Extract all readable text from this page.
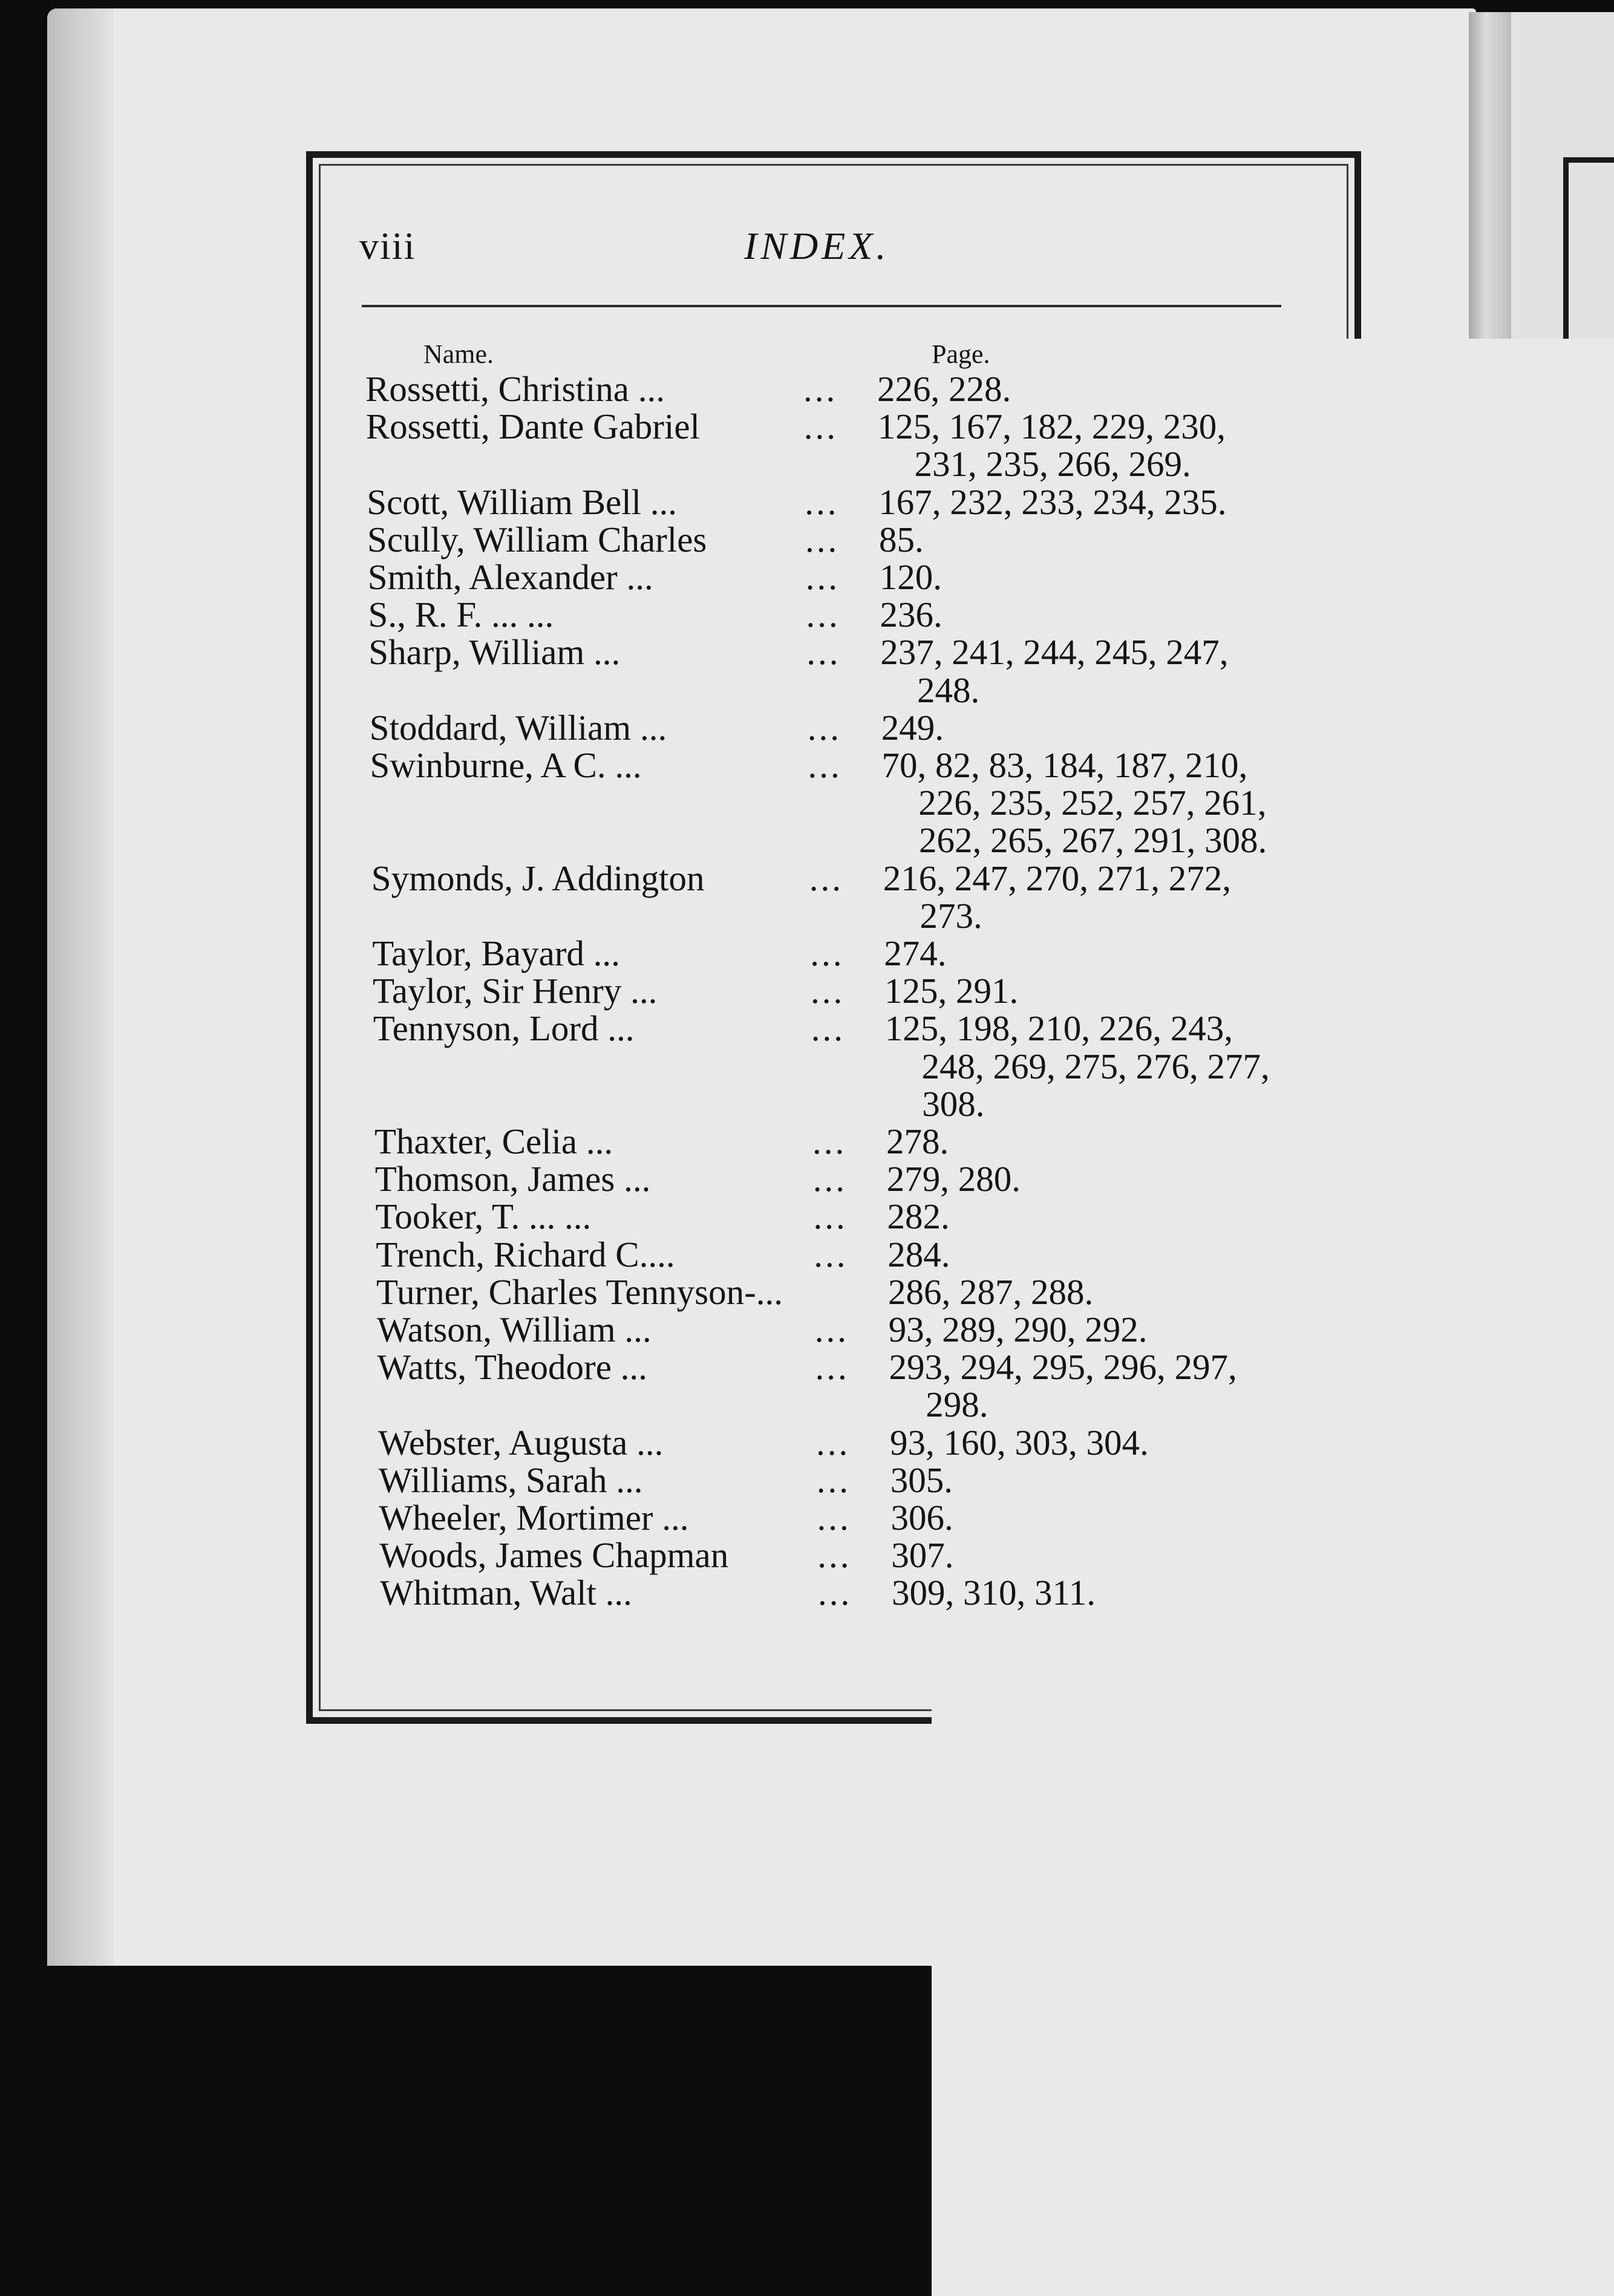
viii	INDEX.
Name.	Page.
Rossetti, Christina ...	... 226, 228.
Rossetti, Dante Gabriel	... 125, 167, 182, 229, 230,
231, 235, 266, 269.
Scott, William Bell ...	... 167, 232, 233, 234, 235.
Scully, William Charles	... 85.
Smith, Alexander ...	... 120.
S., R. F. ... ...	... 236.
Sharp, William ...	... 237, 241, 244, 245, 247,
248.
Stoddard, William ...	... 249.
Swinburne, A C. ...	... 70, 82, 83, 184, 187, 210,
226, 235, 252, 257, 261,
262, 265, 267, 291, 308.
Symonds, J. Addington	... 216, 247, 270, 271, 272,
273.
Taylor, Bayard ...	... 274.
Taylor, Sir Henry ...	... 125, 291.
Tennyson, Lord ...	... 125, 198, 210, 226, 243,
248, 269, 275, 276, 277,
308.
Thaxter, Celia ...	... 278.
Thomson, James ...	... 279, 280.
Tooker, T. ... ...	... 282.
Trench, Richard C....	... 284.
Turner, Charles Tennyson-...	286, 287, 288.
Watson, William ...	... 93, 289, 290, 292.
Watts, Theodore ...	... 293, 294, 295, 296, 297,
298.
Webster, Augusta ...	... 93, 160, 303, 304.
Williams, Sarah ...	... 305.
Wheeler, Mortimer ...	... 306.
Woods, James Chapman ... 307.
Whitman, Walt ...	... 309, 310, 311.
